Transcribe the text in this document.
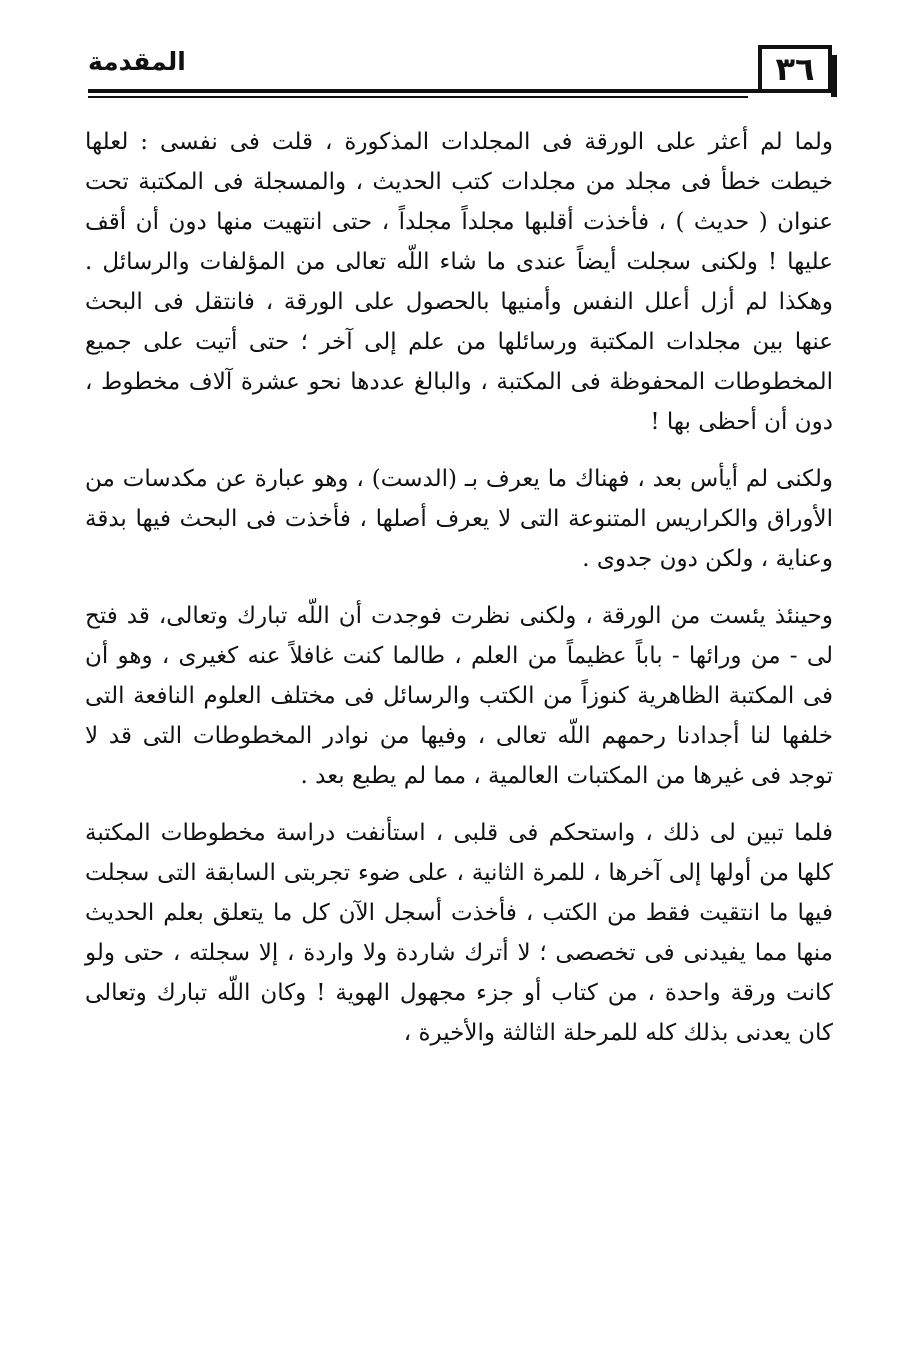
المقدمة	٣٦

ولما لم أعثر على الورقة فى المجلدات المذكورة ، قلت فى نفسى : لعلها خيطت خطأ فى مجلد من مجلدات كتب الحديث ، والمسجلة فى المكتبة تحت عنوان ( حديث ) ، فأخذت أقلبها مجلداً مجلداً ، حتى انتهيت منها دون أن أقف عليها ! ولكنى سجلت أيضاً عندى ما شاء اللّه تعالى من المؤلفات والرسائل . وهكذا لم أزل أعلل النفس وأمنيها بالحصول على الورقة ، فانتقل فى البحث عنها بين مجلدات المكتبة ورسائلها من علم إلى آخر ؛ حتى أتيت على جميع المخطوطات المحفوظة فى المكتبة ، والبالغ عددها نحو عشرة آلاف مخطوط ، دون أن أحظى بها !

ولكنى لم أيأس بعد ، فهناك ما يعرف بـ (الدست) ، وهو عبارة عن مكدسات من الأوراق والكراريس المتنوعة التى لا يعرف أصلها ، فأخذت فى البحث فيها بدقة وعناية ، ولكن دون جدوى .

وحينئذ يئست من الورقة ، ولكنى نظرت فوجدت أن اللّه تبارك وتعالى، قد فتح لى - من ورائها - باباً عظيماً من العلم ، طالما كنت غافلاً عنه كغيرى ، وهو أن فى المكتبة الظاهرية كنوزاً من الكتب والرسائل فى مختلف العلوم النافعة التى خلفها لنا أجدادنا رحمهم اللّه تعالى ، وفيها من نوادر المخطوطات التى قد لا توجد فى غيرها من المكتبات العالمية ، مما لم يطبع بعد .

فلما تبين لى ذلك ، واستحكم فى قلبى ، استأنفت دراسة مخطوطات المكتبة كلها من أولها إلى آخرها ، للمرة الثانية ، على ضوء تجربتى السابقة التى سجلت فيها ما انتقيت فقط من الكتب ، فأخذت أسجل الآن كل ما يتعلق بعلم الحديث منها مما يفيدنى فى تخصصى ؛ لا أترك شاردة ولا واردة ، إلا سجلته ، حتى ولو كانت ورقة واحدة ، من كتاب أو جزء مجهول الهوية ! وكان اللّه تبارك وتعالى كان يعدنى بذلك كله للمرحلة الثالثة والأخيرة ،
